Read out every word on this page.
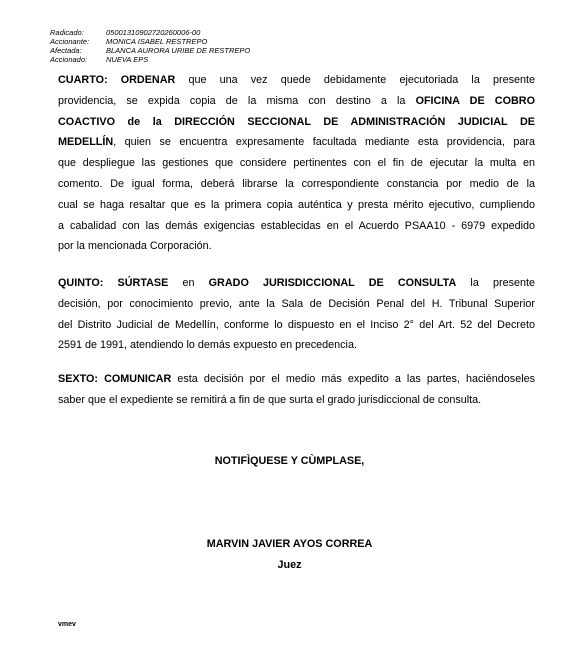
Radicado:	05001310902720260006-00
Accionante:	MONICA ISABEL RESTREPO
Afectada:	BLANCA AURORA URIBE DE RESTREPO
Accionado:	NUEVA EPS
CUARTO: ORDENAR que una vez quede debidamente ejecutoriada la presente
providencia, se expida copia de la misma con destino a la OFICINA DE COBRO
COACTIVO de la DIRECCIÓN SECCIONAL DE ADMINISTRACIÓN JUDICIAL DE
MEDELLÍN, quien se encuentra expresamente facultada mediante esta providencia, para
que despliegue las gestiones que considere pertinentes con el fin de ejecutar la multa en
comento. De igual forma, deberá librarse la correspondiente constancia por medio de la
cual se haga resaltar que es la primera copia auténtica y presta mérito ejecutivo, cumpliendo
a cabalidad con las demás exigencias establecidas en el Acuerdo PSAA10 - 6979 expedido
por la mencionada Corporación.
QUINTO: SÚRTASE en GRADO JURISDICCIONAL DE CONSULTA la presente
decisión, por conocimiento previo, ante la Sala de Decisión Penal del H. Tribunal Superior
del Distrito Judicial de Medellín, conforme lo dispuesto en el Inciso 2° del Art. 52 del Decreto
2591 de 1991, atendiendo lo demás expuesto en precedencia.
SEXTO: COMUNICAR esta decisión por el medio más expedito a las partes, haciéndoseles
saber que el expediente se remitirá a fin de que surta el grado jurisdiccional de consulta.
NOTIFÌQUESE Y CÙMPLASE,
MARVIN JAVIER AYOS CORREA
Juez
vmev
